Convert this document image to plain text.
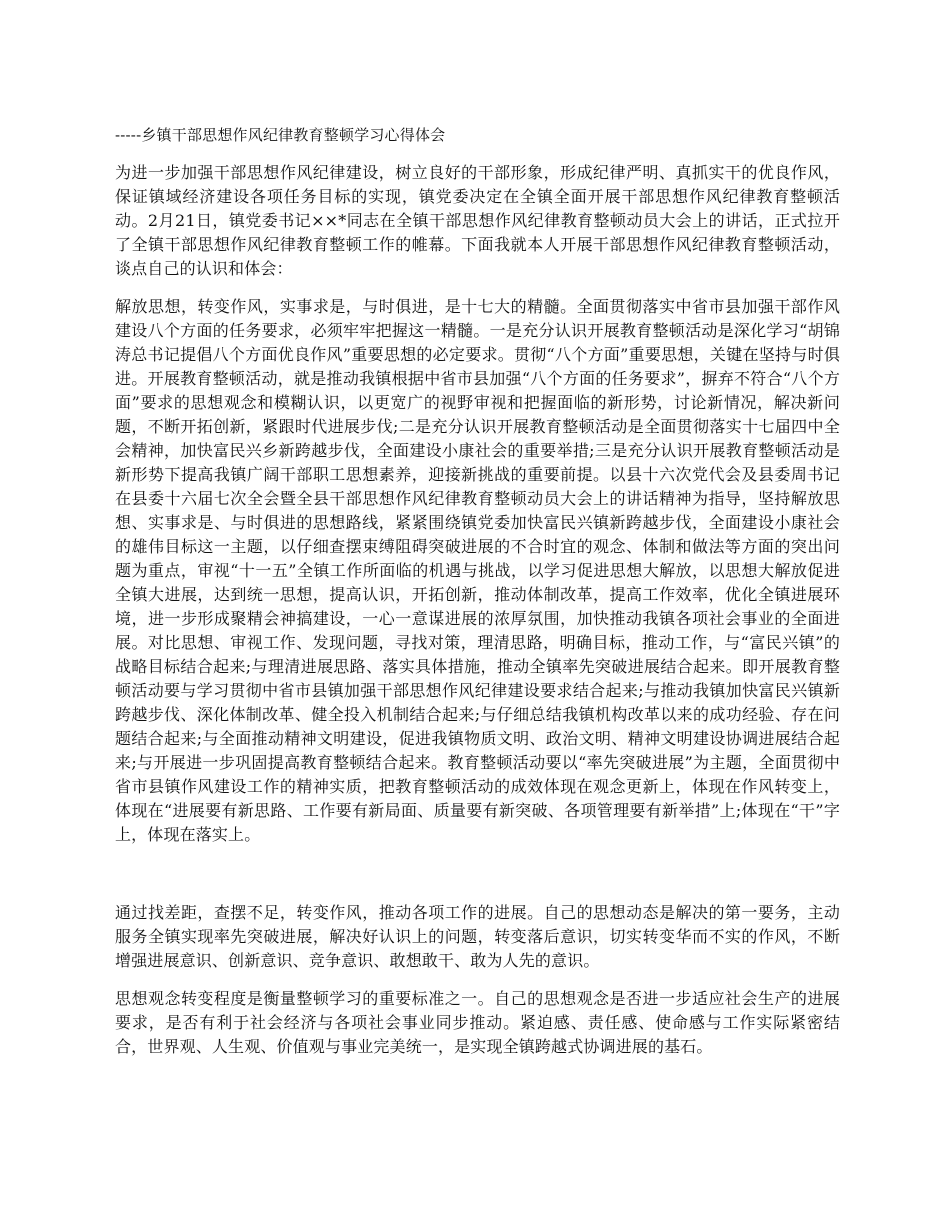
-----乡镇干部思想作风纪律教育整顿学习心得体会

为进一步加强干部思想作风纪律建设，树立良好的干部形象，形成纪律严明、真抓实干的优良作风，保证镇域经济建设各项任务目标的实现，镇党委决定在全镇全面开展干部思想作风纪律教育整顿活动。2月21日，镇党委书记××*同志在全镇干部思想作风纪律教育整顿动员大会上的讲话，正式拉开了全镇干部思想作风纪律教育整顿工作的帷幕。下面我就本人开展干部思想作风纪律教育整顿活动，谈点自己的认识和体会：

解放思想，转变作风，实事求是，与时俱进，是十七大的精髓。全面贯彻落实中省市县加强干部作风建设八个方面的任务要求，必须牢牢把握这一精髓。一是充分认识开展教育整顿活动是深化学习“胡锦涛总书记提倡八个方面优良作风”重要思想的必定要求。贯彻“八个方面”重要思想，关键在坚持与时俱进。开展教育整顿活动，就是推动我镇根据中省市县加强“八个方面的任务要求”，摒弃不符合“八个方面”要求的思想观念和模糊认识，以更宽广的视野审视和把握面临的新形势，讨论新情况，解决新问题，不断开拓创新，紧跟时代进展步伐;二是充分认识开展教育整顿活动是全面贯彻落实十七届四中全会精神，加快富民兴乡新跨越步伐，全面建设小康社会的重要举措;三是充分认识开展教育整顿活动是新形势下提高我镇广阔干部职工思想素养，迎接新挑战的重要前提。以县十六次党代会及县委周书记在县委十六届七次全会暨全县干部思想作风纪律教育整顿动员大会上的讲话精神为指导，坚持解放思想、实事求是、与时俱进的思想路线，紧紧围绕镇党委加快富民兴镇新跨越步伐，全面建设小康社会的雄伟目标这一主题，以仔细查摆束缚阻碍突破进展的不合时宜的观念、体制和做法等方面的突出问题为重点，审视“十一五”全镇工作所面临的机遇与挑战，以学习促进思想大解放，以思想大解放促进全镇大进展，达到统一思想，提高认识，开拓创新，推动体制改革，提高工作效率，优化全镇进展环境，进一步形成聚精会神搞建设，一心一意谋进展的浓厚氛围，加快推动我镇各项社会事业的全面进展。对比思想、审视工作、发现问题，寻找对策，理清思路，明确目标，推动工作，与“富民兴镇”的战略目标结合起来;与理清进展思路、落实具体措施，推动全镇率先突破进展结合起来。即开展教育整顿活动要与学习贯彻中省市县镇加强干部思想作风纪律建设要求结合起来;与推动我镇加快富民兴镇新跨越步伐、深化体制改革、健全投入机制结合起来;与仔细总结我镇机构改革以来的成功经验、存在问题结合起来;与全面推动精神文明建设，促进我镇物质文明、政治文明、精神文明建设协调进展结合起来;与开展进一步巩固提高教育整顿结合起来。教育整顿活动要以“率先突破进展”为主题，全面贯彻中省市县镇作风建设工作的精神实质，把教育整顿活动的成效体现在观念更新上，体现在作风转变上，体现在“进展要有新思路、工作要有新局面、质量要有新突破、各项管理要有新举措”上;体现在“干”字上，体现在落实上。

通过找差距，查摆不足，转变作风，推动各项工作的进展。自己的思想动态是解决的第一要务，主动服务全镇实现率先突破进展，解决好认识上的问题，转变落后意识，切实转变华而不实的作风，不断增强进展意识、创新意识、竞争意识、敢想敢干、敢为人先的意识。

思想观念转变程度是衡量整顿学习的重要标准之一。自己的思想观念是否进一步适应社会生产的进展要求，是否有利于社会经济与各项社会事业同步推动。紧迫感、责任感、使命感与工作实际紧密结合，世界观、人生观、价值观与事业完美统一，是实现全镇跨越式协调进展的基石。
